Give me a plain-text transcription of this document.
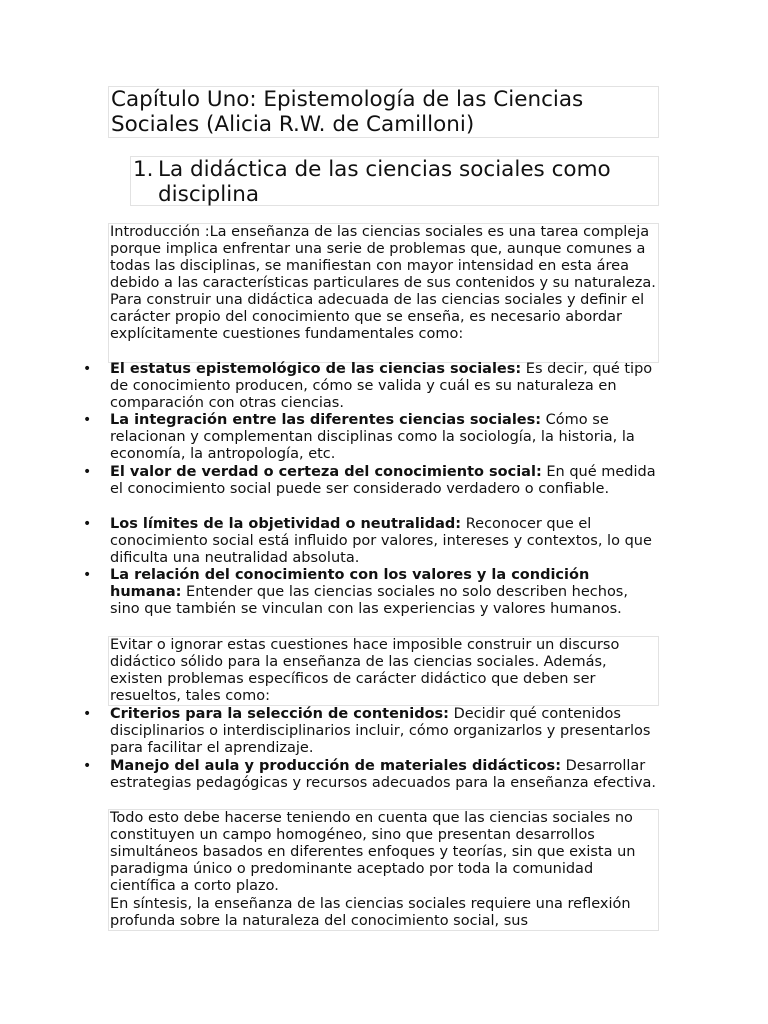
Capítulo Uno: Epistemología de las Ciencias Sociales (Alicia R.W. de Camilloni)
1. La didáctica de las ciencias sociales como disciplina

Introducción :La enseñanza de las ciencias sociales es una tarea compleja porque implica enfrentar una serie de problemas que, aunque comunes a todas las disciplinas, se manifiestan con mayor intensidad en esta área debido a las características particulares de sus contenidos y su naturaleza. Para construir una didáctica adecuada de las ciencias sociales y definir el carácter propio del conocimiento que se enseña, es necesario abordar explícitamente cuestiones fundamentales como:

• El estatus epistemológico de las ciencias sociales: Es decir, qué tipo de conocimiento producen, cómo se valida y cuál es su naturaleza en comparación con otras ciencias.

• La integración entre las diferentes ciencias sociales: Cómo se relacionan y complementan disciplinas como la sociología, la historia, la economía, la antropología, etc.

• El valor de verdad o certeza del conocimiento social: En qué medida el conocimiento social puede ser considerado verdadero o confiable.

• Los límites de la objetividad o neutralidad: Reconocer que el conocimiento social está influido por valores, intereses y contextos, lo que dificulta una neutralidad absoluta.

• La relación del conocimiento con los valores y la condición humana: Entender que las ciencias sociales no solo describen hechos, sino que también se vinculan con las experiencias y valores humanos.

Evitar o ignorar estas cuestiones hace imposible construir un discurso didáctico sólido para la enseñanza de las ciencias sociales. Además, existen problemas específicos de carácter didáctico que deben ser resueltos, tales como:

• Criterios para la selección de contenidos: Decidir qué contenidos disciplinarios o interdisciplinarios incluir, cómo organizarlos y presentarlos para facilitar el aprendizaje.

• Manejo del aula y producción de materiales didácticos: Desarrollar estrategias pedagógicas y recursos adecuados para la enseñanza efectiva.

Todo esto debe hacerse teniendo en cuenta que las ciencias sociales no constituyen un campo homogéneo, sino que presentan desarrollos simultáneos basados en diferentes enfoques y teorías, sin que exista un paradigma único o predominante aceptado por toda la comunidad científica a corto plazo.

En síntesis, la enseñanza de las ciencias sociales requiere una reflexión profunda sobre la naturaleza del conocimiento social, sus
